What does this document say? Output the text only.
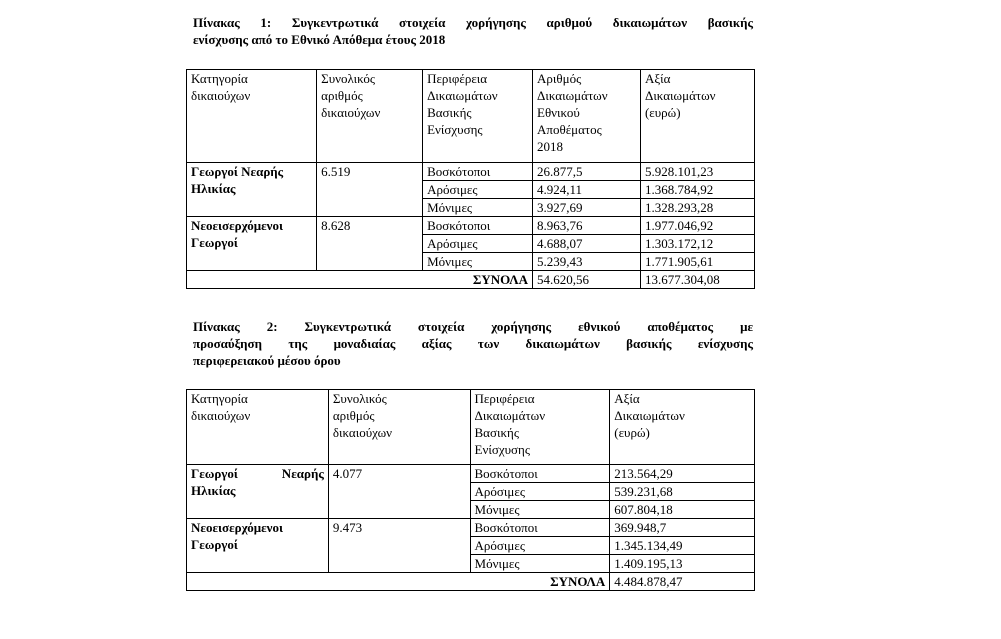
Πίνακας 1: Συγκεντρωτικά στοιχεία χορήγησης αριθμού δικαιωμάτων βασικής
ενίσχυσης από το Εθνικό Απόθεμα έτους 2018
Κατηγορία
δικαιούχων	Συνολικός
αριθμός
δικαιούχων	Περιφέρεια
Δικαιωμάτων
Βασικής
Ενίσχυσης	Αριθμός
Δικαιωμάτων
Εθνικού
Αποθέματος
2018	Αξία
Δικαιωμάτων
(ευρώ)

Γεωργοί Νεαρής
Ηλικίας	6.519	Βοσκότοποι	26.877,5	5.928.101,23
		Αρόσιμες	4.924,11	1.368.784,92
		Μόνιμες	3.927,69	1.328.293,28

Νεοεισερχόμενοι
Γεωργοί	8.628	Βοσκότοποι	8.963,76	1.977.046,92
		Αρόσιμες	4.688,07	1.303.172,12
		Μόνιμες	5.239,43	1.771.905,61
ΣΥΝΟΛΑ			54.620,56	13.677.304,08
Πίνακας 2: Συγκεντρωτικά στοιχεία χορήγησης εθνικού αποθέματος με
προσαύξηση της μοναδιαίας αξίας των δικαιωμάτων βασικής ενίσχυσης
περιφερειακού μέσου όρου
Κατηγορία
δικαιούχων	Συνολικός
αριθμός
δικαιούχων	Περιφέρεια
Δικαιωμάτων
Βασικής
Ενίσχυσης	Αξία
Δικαιωμάτων
(ευρώ)

Γεωργοί Νεαρής
Ηλικίας	4.077	Βοσκότοποι	213.564,29
		Αρόσιμες	539.231,68
		Μόνιμες	607.804,18

Νεοεισερχόμενοι
Γεωργοί	9.473	Βοσκότοποι	369.948,7
		Αρόσιμες	1.345.134,49
		Μόνιμες	1.409.195,13
ΣΥΝΟΛΑ			4.484.878,47
